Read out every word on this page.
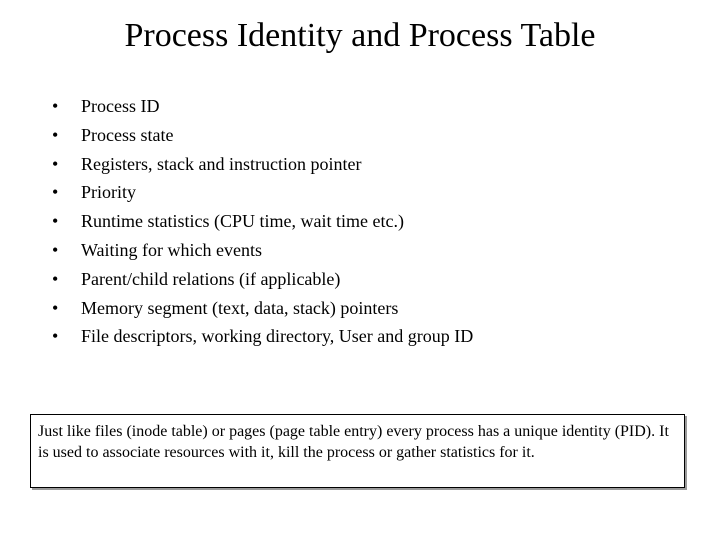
Process Identity and Process Table
•	Process ID
•	Process state
•	Registers, stack and instruction pointer
•	Priority
•	Runtime statistics (CPU time, wait time etc.)
•	Waiting for which events
•	Parent/child relations (if applicable)
•	Memory segment (text, data, stack) pointers
•	File descriptors, working directory, User and group ID
Just like files (inode table) or pages (page table entry) every process has a unique identity (PID). It is used to associate resources with it, kill the process or gather statistics for it.
